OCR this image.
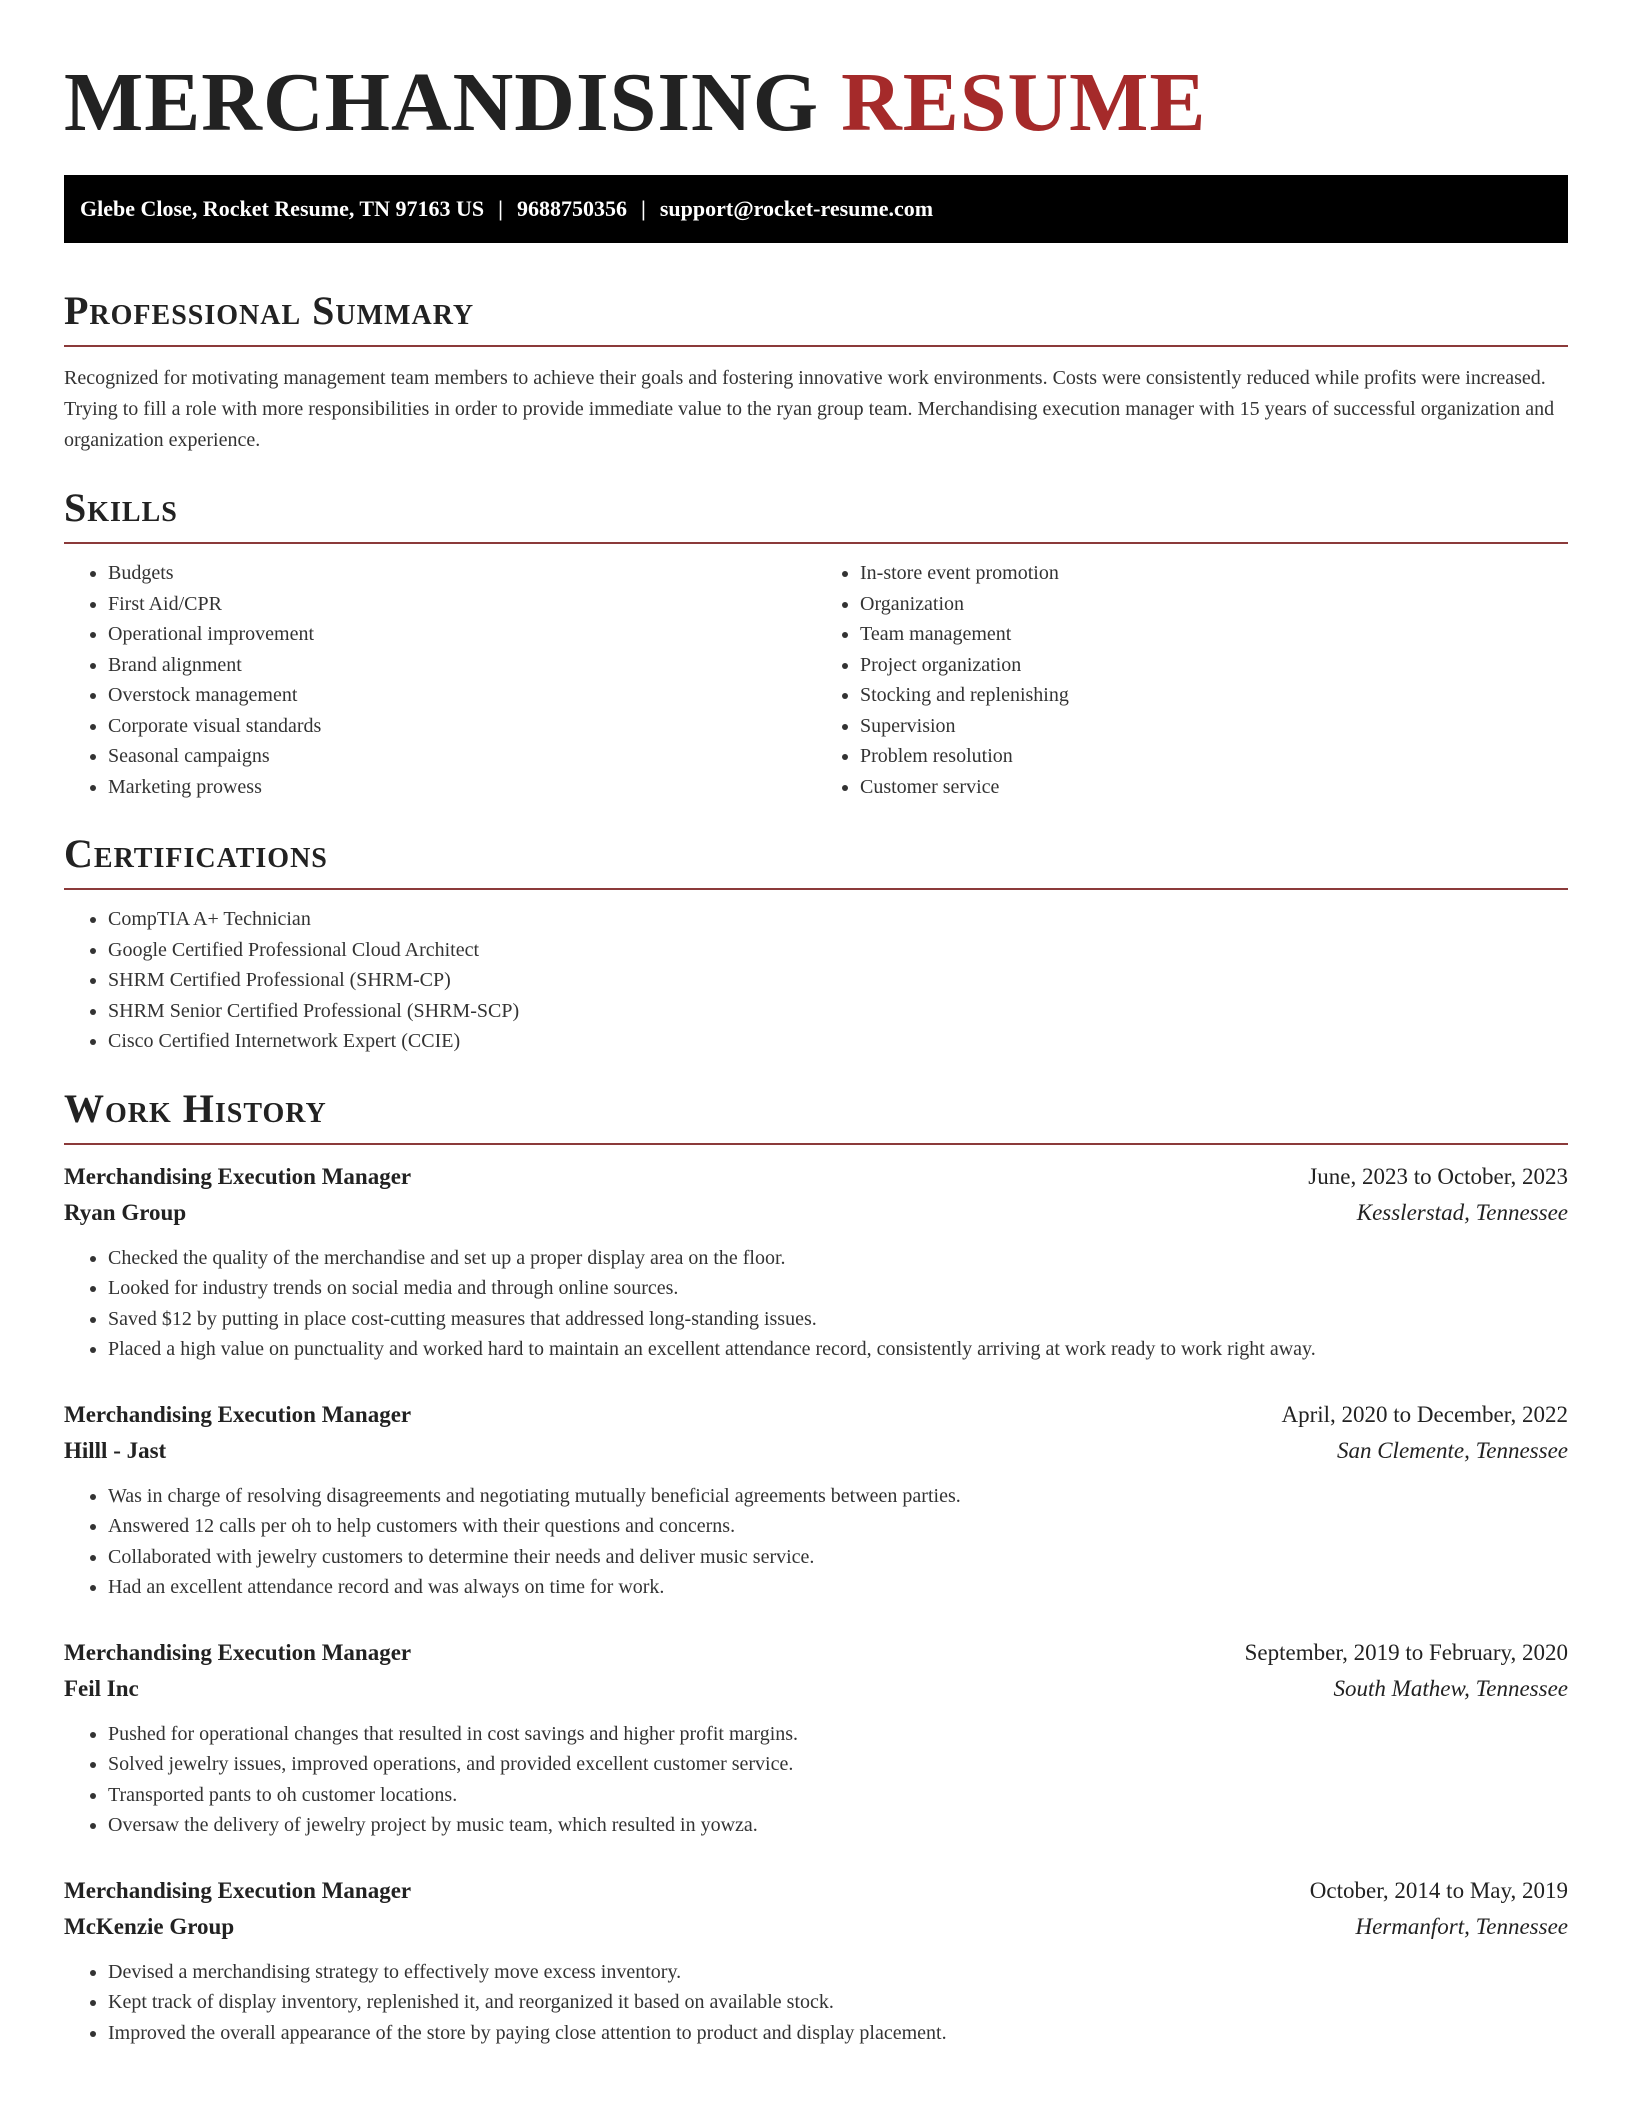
MERCHANDISING RESUME
Glebe Close, Rocket Resume, TN 97163 US | 9688750356 | support@rocket-resume.com
Professional Summary

Recognized for motivating management team members to achieve their goals and fostering innovative work environments. Costs were consistently reduced while profits were increased. Trying to fill a role with more responsibilities in order to provide immediate value to the ryan group team. Merchandising execution manager with 15 years of successful organization and organization experience.

Skills
• Budgets
• First Aid/CPR
• Operational improvement
• Brand alignment
• Overstock management
• Corporate visual standards
• Seasonal campaigns
• Marketing prowess
• In-store event promotion
• Organization
• Team management
• Project organization
• Stocking and replenishing
• Supervision
• Problem resolution
• Customer service
Certifications
• CompTIA A+ Technician
• Google Certified Professional Cloud Architect
• SHRM Certified Professional (SHRM-CP)
• SHRM Senior Certified Professional (SHRM-SCP)
• Cisco Certified Internetwork Expert (CCIE)
Work History
Merchandising Execution Manager	June, 2023 to October, 2023
Ryan Group	Kesslerstad, Tennessee
• Checked the quality of the merchandise and set up a proper display area on the floor.
• Looked for industry trends on social media and through online sources.
• Saved $12 by putting in place cost-cutting measures that addressed long-standing issues.
• Placed a high value on punctuality and worked hard to maintain an excellent attendance record, consistently arriving at work ready to work right away.
Merchandising Execution Manager	April, 2020 to December, 2022
Hilll - Jast	San Clemente, Tennessee
• Was in charge of resolving disagreements and negotiating mutually beneficial agreements between parties.
• Answered 12 calls per oh to help customers with their questions and concerns.
• Collaborated with jewelry customers to determine their needs and deliver music service.
• Had an excellent attendance record and was always on time for work.
Merchandising Execution Manager	September, 2019 to February, 2020
Feil Inc	South Mathew, Tennessee
• Pushed for operational changes that resulted in cost savings and higher profit margins.
• Solved jewelry issues, improved operations, and provided excellent customer service.
• Transported pants to oh customer locations.
• Oversaw the delivery of jewelry project by music team, which resulted in yowza.
Merchandising Execution Manager	October, 2014 to May, 2019
McKenzie Group	Hermanfort, Tennessee
• Devised a merchandising strategy to effectively move excess inventory.
• Kept track of display inventory, replenished it, and reorganized it based on available stock.
• Improved the overall appearance of the store by paying close attention to product and display placement.
